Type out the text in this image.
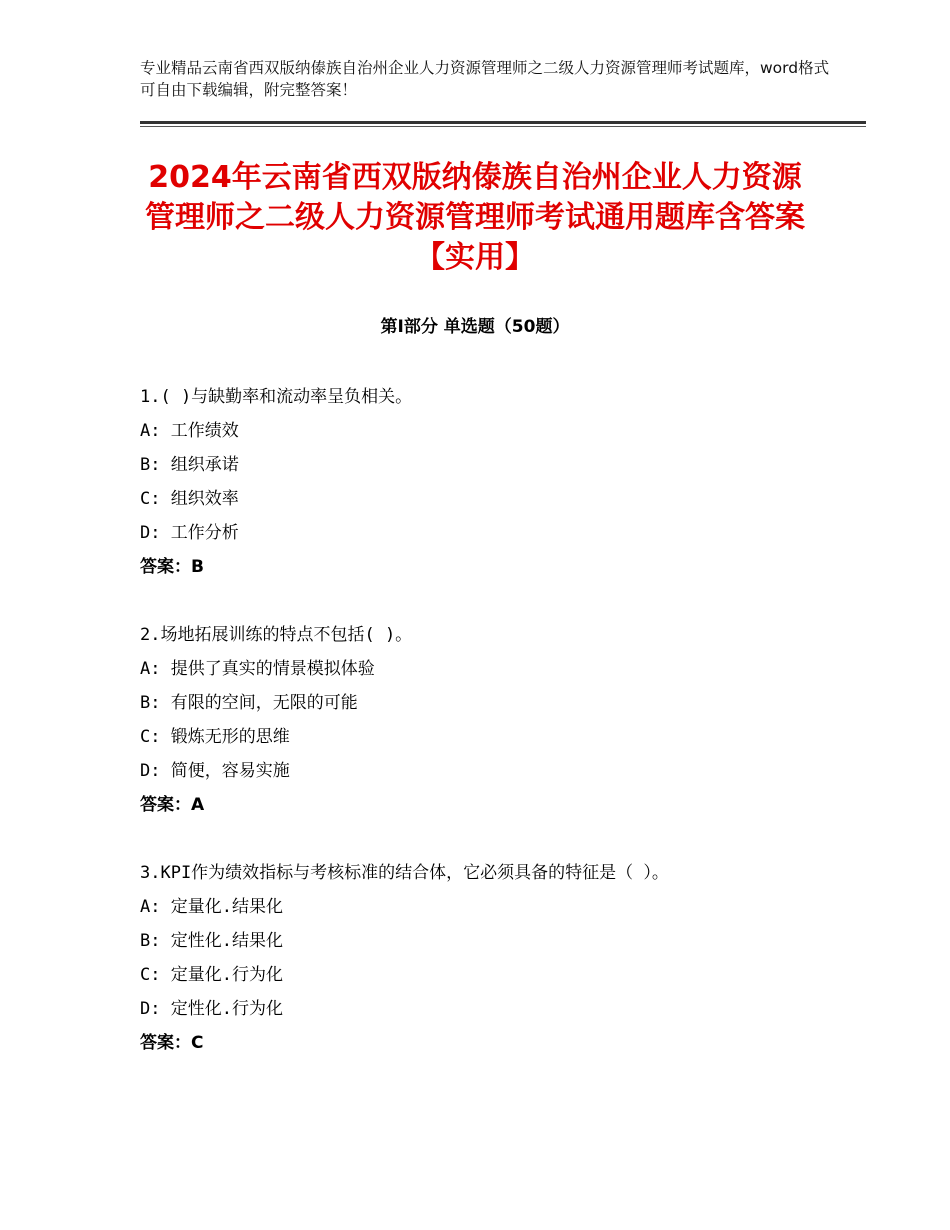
专业精品云南省西双版纳傣族自治州企业人力资源管理师之二级人力资源管理师考试题库，word格式可自由下载编辑，附完整答案！
2024年云南省西双版纳傣族自治州企业人力资源管理师之二级人力资源管理师考试通用题库含答案【实用】
第Ⅰ部分 单选题（50题）
1.( )与缺勤率和流动率呈负相关。
A: 工作绩效
B: 组织承诺
C: 组织效率
D: 工作分析
答案：B
2.场地拓展训练的特点不包括( )。
A: 提供了真实的情景模拟体验
B: 有限的空间，无限的可能
C: 锻炼无形的思维
D: 简便，容易实施
答案：A
3.KPI作为绩效指标与考核标准的结合体，它必须具备的特征是（ ）。
A: 定量化.结果化
B: 定性化.结果化
C: 定量化.行为化
D: 定性化.行为化
答案：C
